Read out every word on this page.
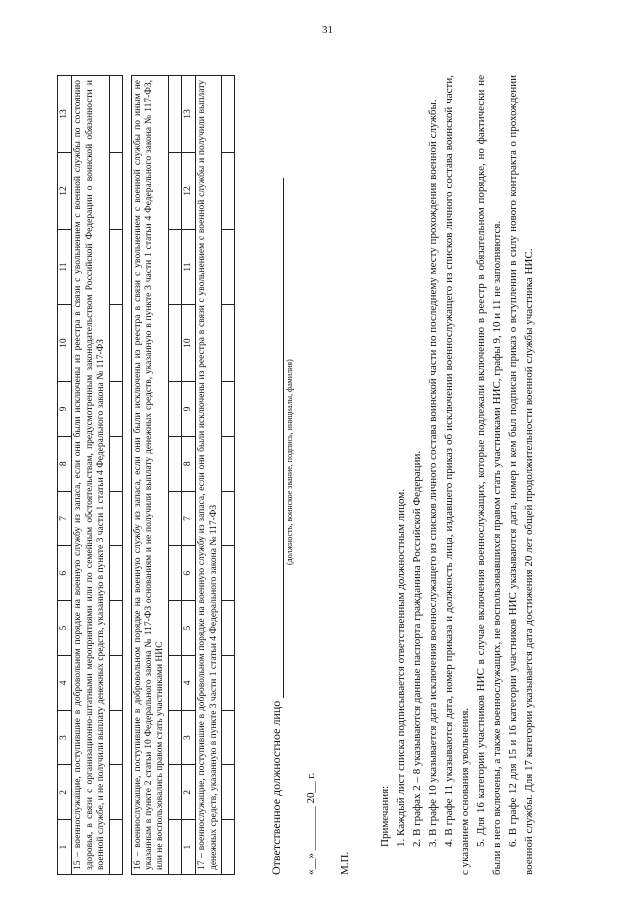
31
1	2	3	4	5	6	7	8	9	10	11	12	13
15 – военнослужащие, поступившие в добровольном порядке на военную службу из запаса, если они были исключены из реестра в связи с увольнением с военной службы по состоянию здоровья, в связи с организационно-штатными мероприятиями или по семейным обстоятельствам, предусмотренным законодательством Российской Федерации о воинской обязанности и военной службе, и не получили выплату денежных средств, указанную в пункте 3 части 1 статьи 4 Федерального закона № 117-ФЗ												

16 – военнослужащие, поступившие в добровольном порядке на военную службу из запаса, если они были исключены из реестра в связи с увольнением с военной службы по иным не указанным в пункте 2 статьи 10 Федерального закона № 117-ФЗ основаниям и не получили выплату денежных средств, указанную в пункте 3 части 1 статьи 4 Федерального закона № 117-ФЗ, или не воспользовались правом стать участниками НИС												

1	2	3	4	5	6	7	8	9	10	11	12	13
17 – военнослужащие, поступившие в добровольном порядке на военную службу из запаса, если они были исключены из реестра в связи с увольнением с военной службы и получили выплату денежных средств, указанную в пункте 3 части 1 статьи 4 Федерального закона № 117-ФЗ												
													Ответственное должностное лицо
(должность, воинское звание, подпись, инициалы, фамилия)
«__» ________ 20__ г. М.П.

Примечания: 1. Каждый лист списка подписывается ответственным должностным лицом. 2. В графах 2 – 8 указываются данные паспорта гражданина Российской Федерации. 3. В графе 10 указывается дата исключения военнослужащего из списков личного состава воинской части по последнему месту прохождения военной службы. 4. В графе 11 указываются дата, номер приказа и должность лица, издавшего приказ об исключении военнослужащего из списков личного состава воинской части, с указанием основания увольнения. 5. Для 16 категории участников НИС в случае включения военнослужащих, которые подлежали включению в реестр в обязательном порядке, но фактически не были в него включены, а также военнослужащих, не воспользовавшихся правом стать участниками НИС, графы 9, 10 и 11 не заполняются. 6. В графе 12 для 15 и 16 категории участников НИС указываются дата, номер и кем был подписан приказ о вступлении в силу нового контракта о прохождении военной службы. Для 17 категории указывается дата достижения 20 лет общей продолжительности военной службы участника НИС.
